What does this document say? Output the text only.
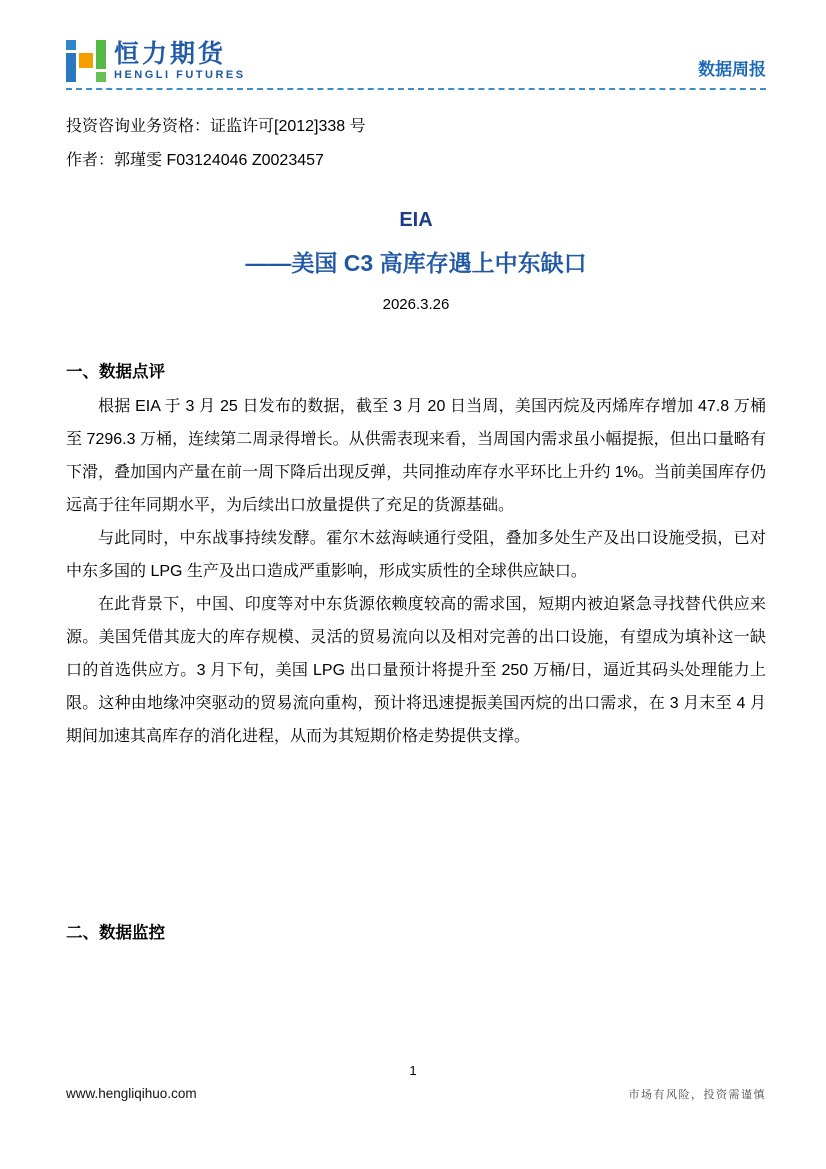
恒力期货
HENGLI FUTURES	数据周报

投资咨询业务资格：证监许可[2012]338 号

作者：郭瑾雯 F03124046 Z0023457

EIA
——美国 C3 高库存遇上中东缺口
2026.3.26
一、数据点评

根据 EIA 于 3 月 25 日发布的数据，截至 3 月 20 日当周，美国丙烷及丙烯库存增加 47.8 万桶至 7296.3 万桶，连续第二周录得增长。从供需表现来看，当周国内需求虽小幅提振，但出口量略有下滑，叠加国内产量在前一周下降后出现反弹，共同推动库存水平环比上升约 1%。当前美国库存仍远高于往年同期水平，为后续出口放量提供了充足的货源基础。

与此同时，中东战事持续发酵。霍尔木兹海峡通行受阻，叠加多处生产及出口设施受损，已对中东多国的 LPG 生产及出口造成严重影响，形成实质性的全球供应缺口。

在此背景下，中国、印度等对中东货源依赖度较高的需求国，短期内被迫紧急寻找替代供应来源。美国凭借其庞大的库存规模、灵活的贸易流向以及相对完善的出口设施，有望成为填补这一缺口的首选供应方。3 月下旬，美国 LPG 出口量预计将提升至 250 万桶/日，逼近其码头处理能力上限。这种由地缘冲突驱动的贸易流向重构，预计将迅速提振美国丙烷的出口需求，在 3 月末至 4 月期间加速其高库存的消化进程，从而为其短期价格走势提供支撑。

二、数据监控
1
www.hengliqihuo.com	市场有风险，投资需谨慎
